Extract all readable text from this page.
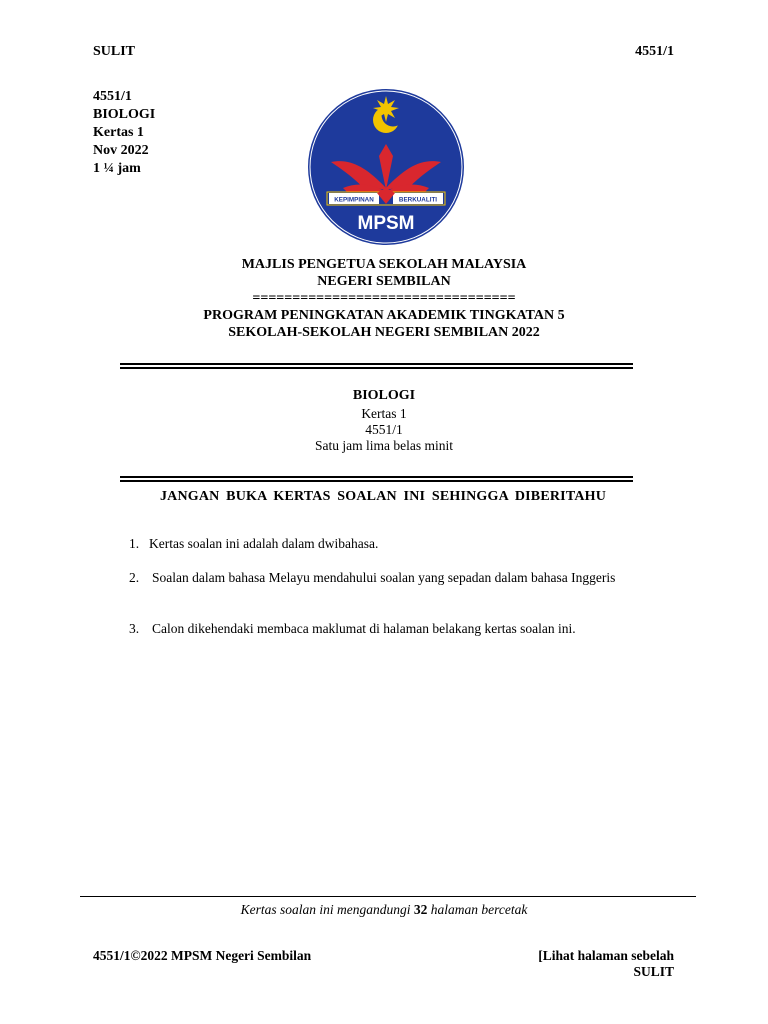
SULIT	4551/1
4551/1
BIOLOGI
Kertas 1
Nov 2022
1 ¼ jam
KEPIMPINAN	BERKUALITI
MPSM
MAJLIS PENGETUA SEKOLAH MALAYSIA
NEGERI SEMBILAN
=================================
PROGRAM PENINGKATAN AKADEMIK TINGKATAN 5
SEKOLAH-SEKOLAH NEGERI SEMBILAN 2022
BIOLOGI
Kertas 1
4551/1
Satu jam lima belas minit
JANGAN BUKA KERTAS SOALAN INI SEHINGGA DIBERITAHU
1. Kertas soalan ini adalah dalam dwibahasa.
2. Soalan dalam bahasa Melayu mendahului soalan yang sepadan dalam bahasa Inggeris
3. Calon dikehendaki membaca maklumat di halaman belakang kertas soalan ini.
Kertas soalan ini mengandungi 32 halaman bercetak
4551/1©2022 MPSM Negeri Sembilan	[Lihat halaman sebelah
SULIT
